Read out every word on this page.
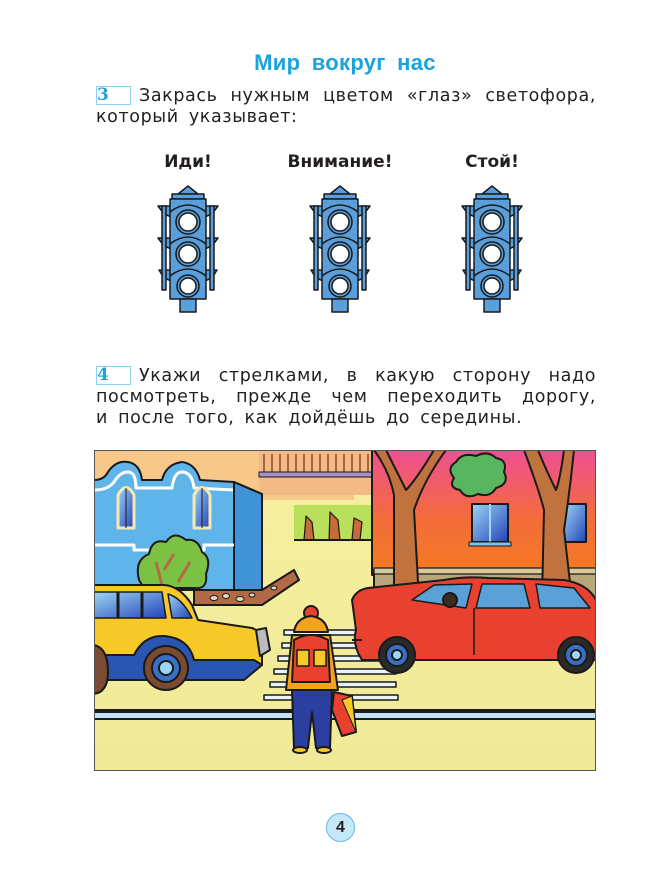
Мир вокруг нас
3 Закрась нужным цветом «глаз» светофора,
который указывает:
Иди!	Внимание!	Стой!
4 Укажи стрелками, в какую сторону надо
посмотреть, прежде чем переходить дорогу,
и после того, как дойдёшь до середины.
4
